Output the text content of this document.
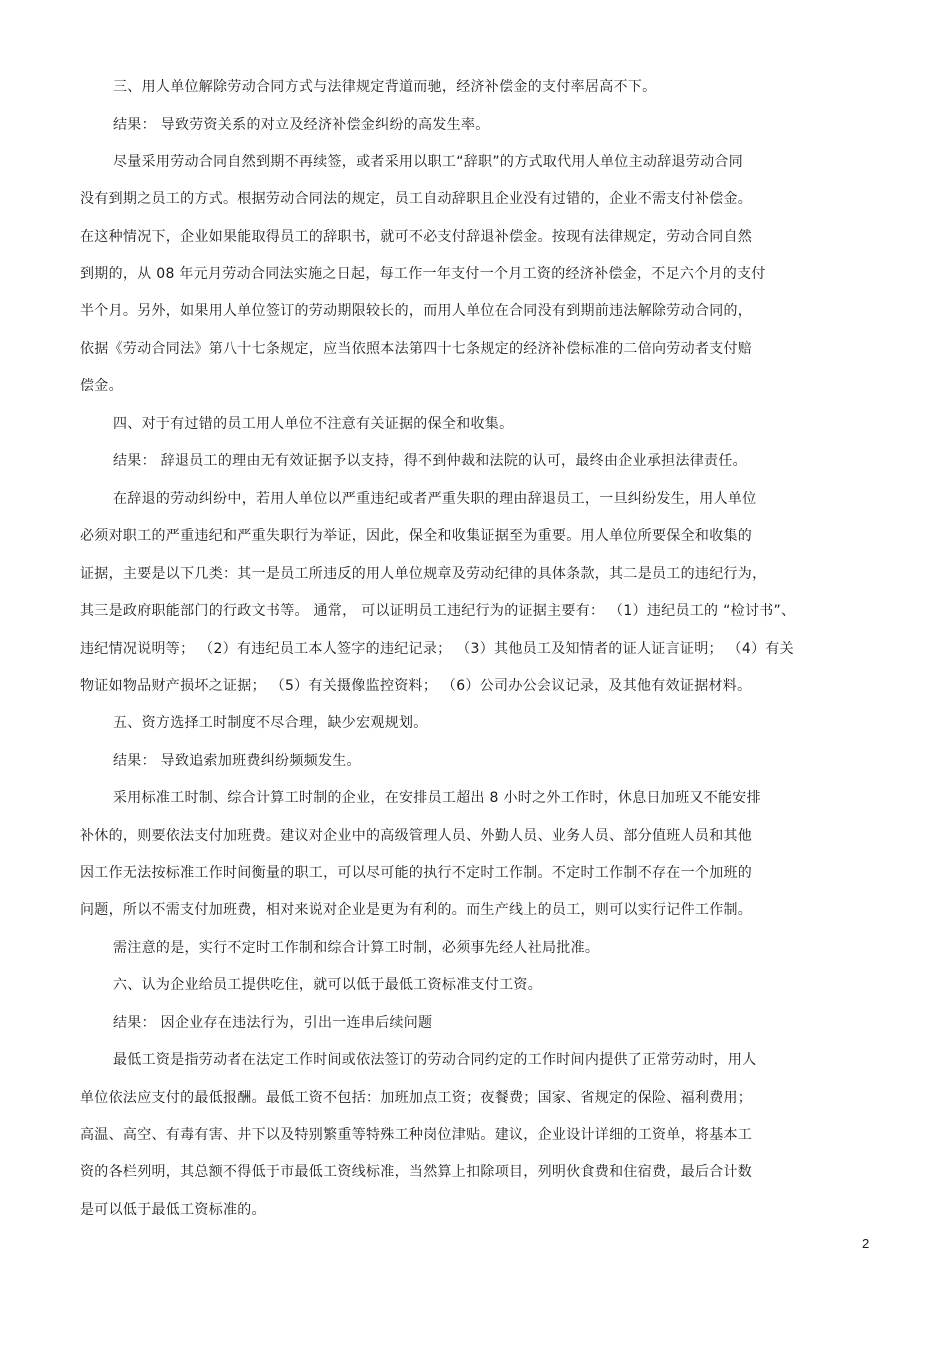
三、用人单位解除劳动合同方式与法律规定背道而驰，经济补偿金的支付率居高不下。
结果： 导致劳资关系的对立及经济补偿金纠纷的高发生率。
尽量采用劳动合同自然到期不再续签，或者采用以职工“辞职”的方式取代用人单位主动辞退劳动合同
没有到期之员工的方式。根据劳动合同法的规定，员工自动辞职且企业没有过错的，企业不需支付补偿金。
在这种情况下，企业如果能取得员工的辞职书，就可不必支付辞退补偿金。按现有法律规定，劳动合同自然
到期的，从 08 年元月劳动合同法实施之日起，每工作一年支付一个月工资的经济补偿金，不足六个月的支付
半个月。另外，如果用人单位签订的劳动期限较长的，而用人单位在合同没有到期前违法解除劳动合同的，
依据《劳动合同法》第八十七条规定，应当依照本法第四十七条规定的经济补偿标准的二倍向劳动者支付赔
偿金。
四、对于有过错的员工用人单位不注意有关证据的保全和收集。
结果： 辞退员工的理由无有效证据予以支持，得不到仲裁和法院的认可，最终由企业承担法律责任。
在辞退的劳动纠纷中，若用人单位以严重违纪或者严重失职的理由辞退员工，一旦纠纷发生，用人单位
必须对职工的严重违纪和严重失职行为举证，因此，保全和收集证据至为重要。用人单位所要保全和收集的
证据，主要是以下几类：其一是员工所违反的用人单位规章及劳动纪律的具体条款，其二是员工的违纪行为，
其三是政府职能部门的行政文书等。 通常， 可以证明员工违纪行为的证据主要有： （1）违纪员工的 “检讨书”、
违纪情况说明等； （2）有违纪员工本人签字的违纪记录； （3）其他员工及知情者的证人证言证明； （4）有关
物证如物品财产损坏之证据； （5）有关摄像监控资料； （6）公司办公会议记录，及其他有效证据材料。
五、资方选择工时制度不尽合理，缺少宏观规划。
结果： 导致追索加班费纠纷频频发生。
采用标准工时制、综合计算工时制的企业，在安排员工超出 8 小时之外工作时，休息日加班又不能安排
补休的，则要依法支付加班费。建议对企业中的高级管理人员、外勤人员、业务人员、部分值班人员和其他
因工作无法按标准工作时间衡量的职工，可以尽可能的执行不定时工作制。不定时工作制不存在一个加班的
问题，所以不需支付加班费，相对来说对企业是更为有利的。而生产线上的员工，则可以实行记件工作制。
需注意的是，实行不定时工作制和综合计算工时制，必须事先经人社局批准。
六、认为企业给员工提供吃住，就可以低于最低工资标准支付工资。
结果： 因企业存在违法行为，引出一连串后续问题
最低工资是指劳动者在法定工作时间或依法签订的劳动合同约定的工作时间内提供了正常劳动时，用人
单位依法应支付的最低报酬。最低工资不包括：加班加点工资；夜餐费；国家、省规定的保险、福利费用；
高温、高空、有毒有害、井下以及特别繁重等特殊工种岗位津贴。建议，企业设计详细的工资单，将基本工
资的各栏列明，其总额不得低于市最低工资线标准，当然算上扣除项目，列明伙食费和住宿费，最后合计数
是可以低于最低工资标准的。
2
